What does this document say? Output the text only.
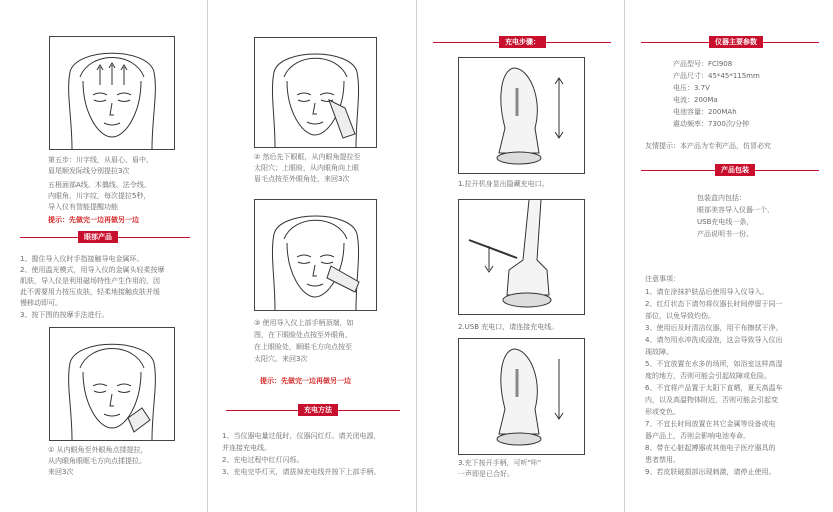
第五步：川字线，从眉心、眉中、
眉尾顺发际线分别提拉3次
五根面部A线、木偶线、法令线、
内眼角、川字纹，每次提拉5秒，
导入仪有智能提醒功能
提示：先做完一边再做另一边
眼部产品
1、握住导入仪时手指接触导电金属环。
2、使用温光模式，用导入仪的金属头轻柔按摩
肌肤，导入仪是利用磁场特性产生作用的，因
此不需要用力按压皮肤，轻柔地接触皮肤并缓
慢移动即可。
3、按下图的按摩手法进行。
① 从内眼角至外眼角点揉提拉，
从内眼角眼眶毛方向点揉提拉。
来回3次
② 然后先下眼眶，从内眼角提拉至
太阳穴；上眼睑，从内眼角向上眼
眉毛点按至外眼角处，来回3次
③ 使用导入仪上部手柄顶端，如
图，在下眼睑处点按至外眼角，
在上眼睑处，顺眼毛方向点按至
太阳穴。来回3次
提示：先做完一边再做另一边
充电方法
1、当仪器电量过低时，仪器闪红灯。请关闭电源，
并连接充电线。
2、充电过程中红灯闪烁。
3、充电完毕灯灭，请拔掉充电线并按下上部手柄。
充电步骤：
1.拉开机身显出隐藏充电口。
2.USB 充电口，请连接充电线。
3.充下按开手柄，可听"咔"
一声即是已合好。
仪器主要参数
产品型号：FCl908
产品尺寸：45*45*115mm
电压：3.7V
电流：200Ma
电池容量：200MAh
震动频率：7300次/分钟
友情提示：本产品为专利产品，仿冒必究
产品包装
包装盒内包括：
眼部美容导入仪器一个，
USB充电线一条，
产品说明书一份。
注意事项：
1、请在涂抹护肤品后使用导入仪导入。
2、红灯状态下请勿将仪器长时间停留于同一
部位，以免导致灼伤。
3、使用后及时清洁仪器，用干布擦拭干净。
4、请勿用水冲洗或浸泡，这会导致导入仪出
现故障。
5、不宜放置在水多的场所，如浴室这样高湿
度的地方，否则可能会引起故障或危险。
6、不宜将产品置于太阳下直晒，夏天高温车
内，以及高温物体附近，否则可能会引起变
形或变色。
7、不宜长时间放置在其它金属等设备或电
器产品上，否则会影响电池寿命。
8、带在心脏起搏器或其他电子医疗器具的
患者禁用。
9、若皮肤破损部出现刺激，请停止使用。
